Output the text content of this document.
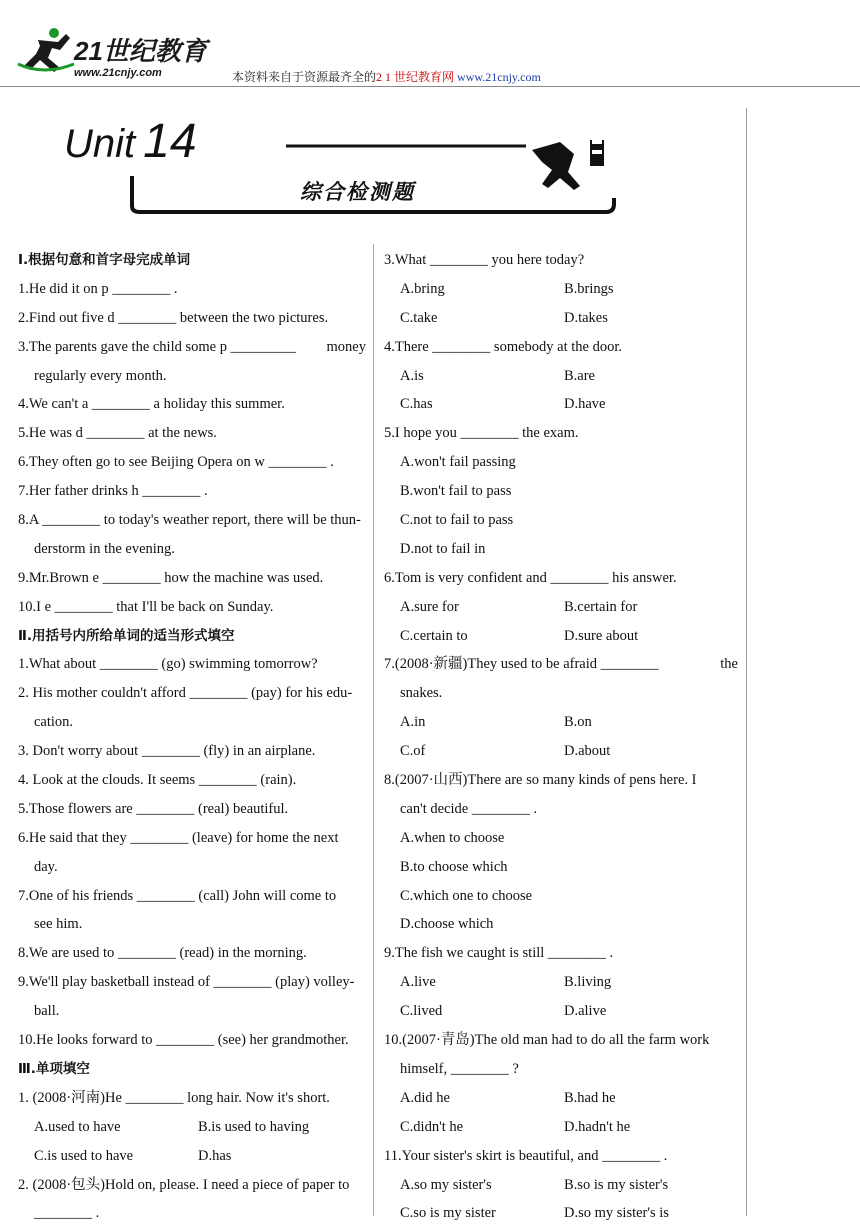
21世纪教育
www.21cnjy.com	本资料来自于资源最齐全的2 1 世纪教育网 www.21cnjy.com
Unit 14
综合检测题
Ⅰ.根据句意和首字母完成单词
1.He did it on p ________ .
2.Find out five d ________ between the two pictures.
3.The parents gave the child some p _________ money
regularly every month.
4.We can't a ________ a holiday this summer.
5.He was d ________ at the news.
6.They often go to see Beijing Opera on w ________ .
7.Her father drinks h ________ .
8.A ________ to today's weather report, there will be thun-
derstorm in the evening.
9.Mr.Brown e ________ how the machine was used.
10.I e ________ that I'll be back on Sunday.
Ⅱ.用括号内所给单词的适当形式填空
1.What about ________ (go) swimming tomorrow?
2. His mother couldn't afford ________ (pay) for his edu-
cation.
3. Don't worry about ________ (fly) in an airplane.
4. Look at the clouds. It seems ________ (rain).
5.Those flowers are ________ (real) beautiful.
6.He said that they ________ (leave) for home the next
day.
7.One of his friends ________ (call) John will come to
see him.
8.We are used to ________ (read) in the morning.
9.We'll play basketball instead of ________ (play) volley-
ball.
10.He looks forward to ________ (see) her grandmother.
Ⅲ.单项填空
1. (2008·河南)He ________ long hair. Now it's short.
A.used to have	B.is used to having
C.is used to have	D.has
2. (2008·包头)Hold on, please. I need a piece of paper to
________ .
3.What ________ you here today?
A.bring	B.brings
C.take	D.takes
4.There ________ somebody at the door.
A.is	B.are
C.has	D.have
5.I hope you ________ the exam.
A.won't fail passing
B.won't fail to pass
C.not to fail to pass
D.not to fail in
6.Tom is very confident and ________ his answer.
A.sure for	B.certain for
C.certain to	D.sure about
7.(2008·新疆)They used to be afraid ________	the
snakes.
A.in	B.on
C.of	D.about
8.(2007·山西)There are so many kinds of pens here. I
can't decide ________ .
A.when to choose
B.to choose which
C.which one to choose
D.choose which
9.The fish we caught is still ________ .
A.live	B.living
C.lived	D.alive
10.(2007·青岛)The old man had to do all the farm work
himself, ________ ?
A.did he	B.had he
C.didn't he	D.hadn't he
11.Your sister's skirt is beautiful, and ________ .
A.so my sister's	B.so is my sister's
C.so is my sister	D.so my sister's is
